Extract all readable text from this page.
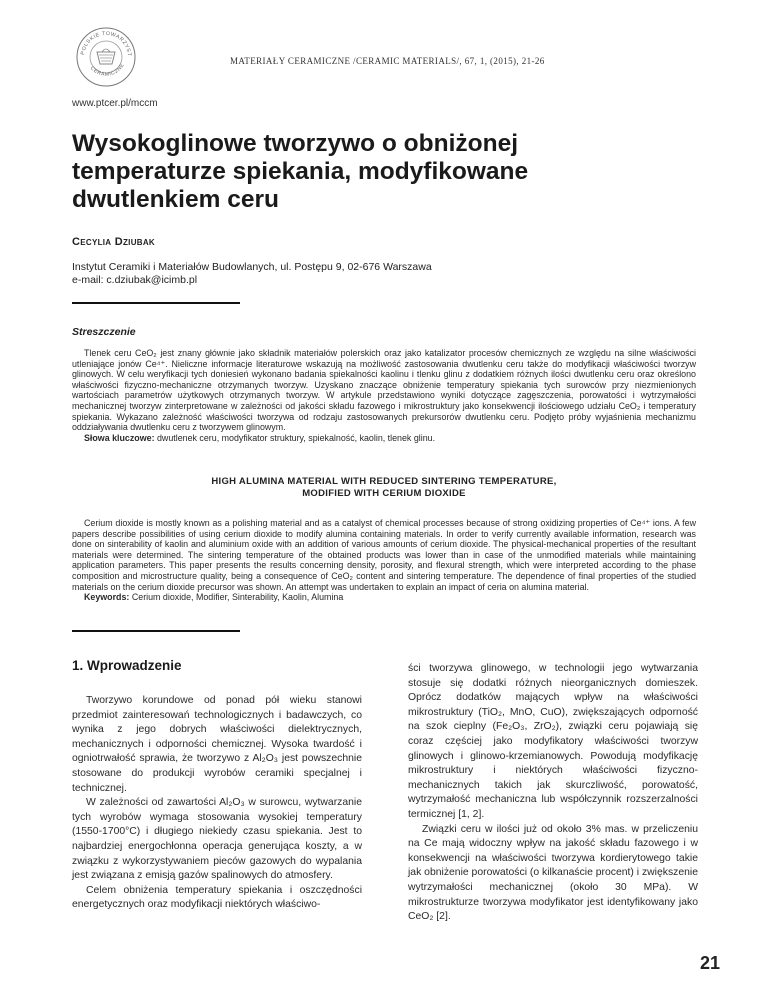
POLSKIE TOWARZYST
CERAMICZNE	MATERIAŁY CERAMICZNE /CERAMIC MATERIALS/, 67, 1, (2015), 21-26
www.ptcer.pl/mccm
Wysokoglinowe tworzywo o obniżonej temperaturze spiekania, modyfikowane dwutlenkiem ceru
Cecylia Dziubak
Instytut Ceramiki i Materiałów Budowlanych, ul. Postępu 9, 02-676 Warszawa
e-mail: c.dziubak@icimb.pl
Streszczenie

Tlenek ceru CeO₂ jest znany głównie jako składnik materiałów polerskich oraz jako katalizator procesów chemicznych ze względu na silne właściwości utleniające jonów Ce⁴⁺. Nieliczne informacje literaturowe wskazują na możliwość zastosowania dwutlenku ceru także do modyfikacji właściwości tworzyw glinowych. W celu weryfikacji tych doniesień wykonano badania spiekalności kaolinu i tlenku glinu z dodatkiem różnych ilości dwutlenku ceru oraz określono właściwości fizyczno-mechaniczne otrzymanych tworzyw. Uzyskano znaczące obniżenie temperatury spiekania tych surowców przy niezmienionych wartościach parametrów użytkowych otrzymanych tworzyw. W artykule przedstawiono wyniki dotyczące zagęszczenia, porowatości i wytrzymałości mechanicznej tworzyw zinterpretowane w zależności od jakości składu fazowego i mikrostruktury jako konsekwencji ilościowego udziału CeO₂ i temperatury spiekania. Wykazano zależność właściwości tworzywa od rodzaju zastosowanych prekursorów dwutlenku ceru. Podjęto próby wyjaśnienia mechanizmu oddziaływania dwutlenku ceru z tworzywem glinowym.

Słowa kluczowe: dwutlenek ceru, modyfikator struktury, spiekalność, kaolin, tlenek glinu.
HIGH ALUMINA MATERIAL WITH REDUCED SINTERING TEMPERATURE,
MODIFIED WITH CERIUM DIOXIDE

Cerium dioxide is mostly known as a polishing material and as a catalyst of chemical processes because of strong oxidizing properties of Ce⁴⁺ ions. A few papers describe possibilities of using cerium dioxide to modify alumina containing materials. In order to verify currently available information, research was done on sinterability of kaolin and aluminium oxide with an addition of various amounts of cerium dioxide. The physical-mechanical properties of the resultant materials were determined. The sintering temperature of the obtained products was lower than in case of the unmodified materials while maintaining application parameters. This paper presents the results concerning density, porosity, and flexural strength, which were interpreted according to the phase composition and microstructure quality, being a consequence of CeO₂ content and sintering temperature. The dependence of final properties of the studied materials on the cerium dioxide precursor was shown. An attempt was undertaken to explain an impact of ceria on alumina material.

Keywords: Cerium dioxide, Modifier, Sinterability, Kaolin, Alumina
1. Wprowadzenie

Tworzywo korundowe od ponad pół wieku stanowi przedmiot zainteresowań technologicznych i badawczych, co wynika z jego dobrych właściwości dielektrycznych, mechanicznych i odporności chemicznej. Wysoka twardość i ogniotrwałość sprawia, że tworzywo z Al₂O₃ jest powszechnie stosowane do produkcji wyrobów ceramiki specjalnej i technicznej.

W zależności od zawartości Al₂O₃ w surowcu, wytwarzanie tych wyrobów wymaga stosowania wysokiej temperatury (1550-1700°C) i długiego niekiedy czasu spiekania. Jest to najbardziej energochłonna operacja generująca koszty, a w związku z wykorzystywaniem pieców gazowych do wypalania jest związana z emisją gazów spalinowych do atmosfery.

Celem obniżenia temperatury spiekania i oszczędności energetycznych oraz modyfikacji niektórych właściwo-

ści tworzywa glinowego, w technologii jego wytwarzania stosuje się dodatki różnych nieorganicznych domieszek. Oprócz dodatków mających wpływ na właściwości mikrostruktury (TiO₂, MnO, CuO), zwiększających odporność na szok cieplny (Fe₂O₃, ZrO₂), związki ceru pojawiają się coraz częściej jako modyfikatory właściwości tworzyw glinowych i glinowo-krzemianowych. Powodują modyfikację mikrostruktury i niektórych właściwości fizyczno-mechanicznych takich jak skurczliwość, porowatość, wytrzymałość mechaniczna lub współczynnik rozszerzalności termicznej [1, 2].

Związki ceru w ilości już od około 3% mas. w przeliczeniu na Ce mają widoczny wpływ na jakość składu fazowego i w konsekwencji na właściwości tworzywa kordierytowego takie jak obniżenie porowatości (o kilkanaście procent) i zwiększenie wytrzymałości mechanicznej (około 30 MPa). W mikrostrukturze tworzywa modyfikator jest identyfikowany jako CeO₂ [2].

21
